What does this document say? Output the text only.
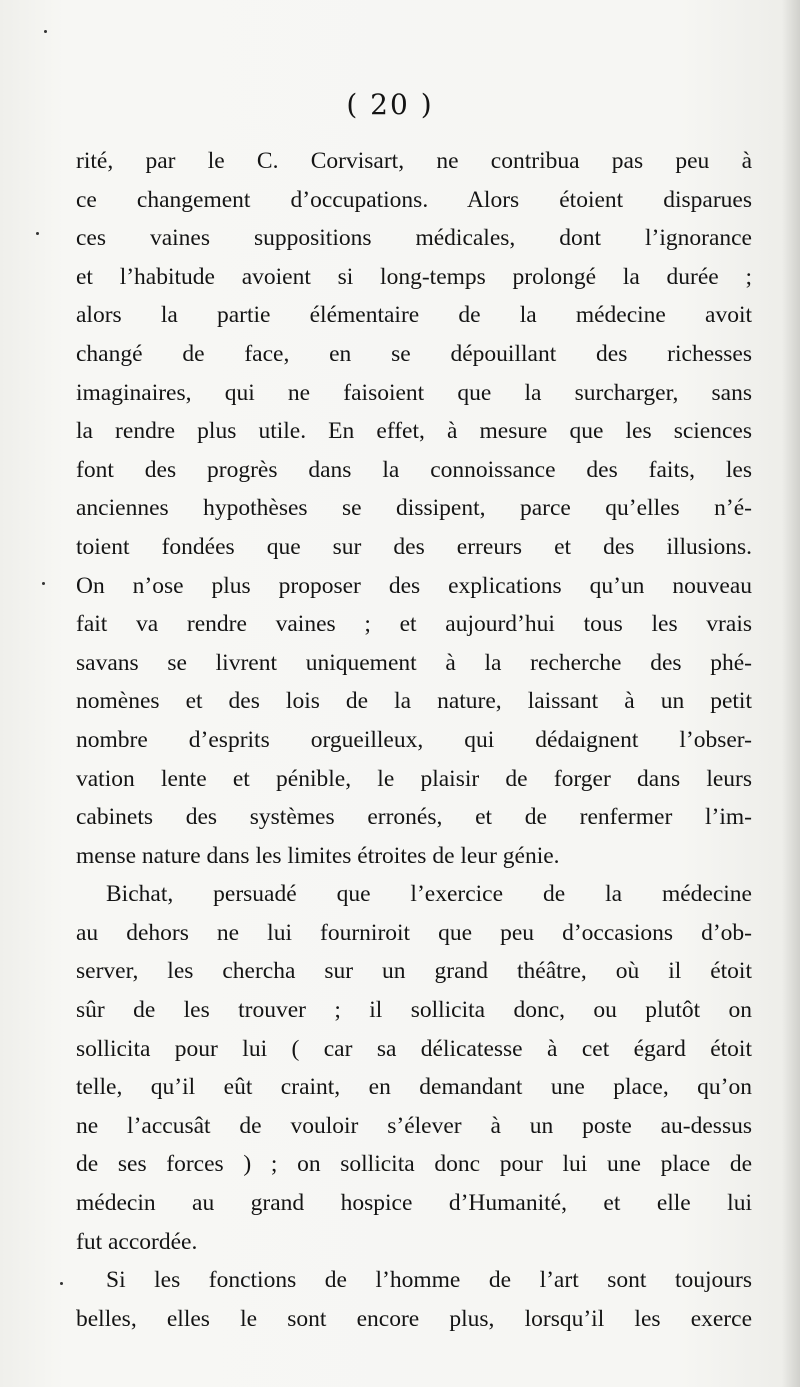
( 20 )
rité, par le C. Corvisart, ne contribua pas peu à
ce changement d’occupations. Alors étoient disparues
ces vaines suppositions médicales, dont l’ignorance
et l’habitude avoient si long-temps prolongé la durée ;
alors la partie élémentaire de la médecine avoit
changé de face, en se dépouillant des richesses
imaginaires, qui ne faisoient que la surcharger, sans
la rendre plus utile. En effet, à mesure que les sciences
font des progrès dans la connoissance des faits, les
anciennes hypothèses se dissipent, parce qu’elles n’é-
toient fondées que sur des erreurs et des illusions.
On n’ose plus proposer des explications qu’un nouveau
fait va rendre vaines ; et aujourd’hui tous les vrais
savans se livrent uniquement à la recherche des phé-
nomènes et des lois de la nature, laissant à un petit
nombre d’esprits orgueilleux, qui dédaignent l’obser-
vation lente et pénible, le plaisir de forger dans leurs
cabinets des systèmes erronés, et de renfermer l’im-
mense nature dans les limites étroites de leur génie.
Bichat, persuadé que l’exercice de la médecine
au dehors ne lui fourniroit que peu d’occasions d’ob-
server, les chercha sur un grand théâtre, où il étoit
sûr de les trouver ; il sollicita donc, ou plutôt on
sollicita pour lui ( car sa délicatesse à cet égard étoit
telle, qu’il eût craint, en demandant une place, qu’on
ne l’accusât de vouloir s’élever à un poste au-dessus
de ses forces ) ; on sollicita donc pour lui une place de
médecin au grand hospice d’Humanité, et elle lui
fut accordée.
Si les fonctions de l’homme de l’art sont toujours
belles, elles le sont encore plus, lorsqu’il les exerce
